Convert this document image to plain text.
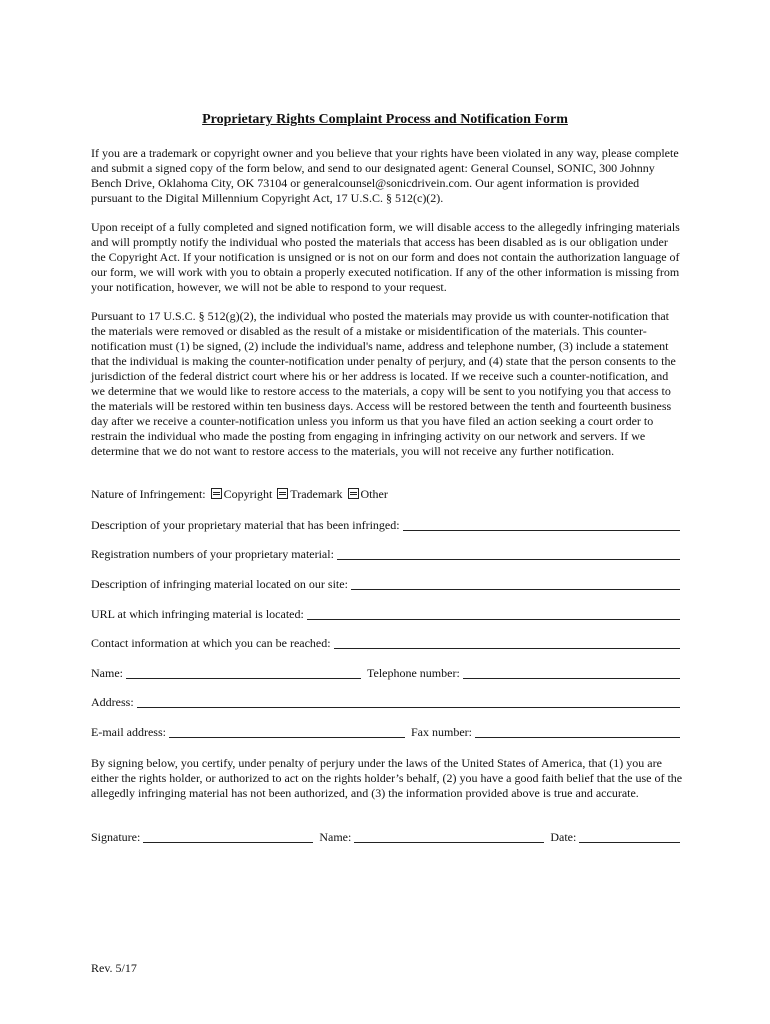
Proprietary Rights Complaint Process and Notification Form
If you are a trademark or copyright owner and you believe that your rights have been violated in any way, please complete and submit a signed copy of the form below, and send to our designated agent: General Counsel, SONIC, 300 Johnny Bench Drive, Oklahoma City, OK 73104 or generalcounsel@sonicdrivein.com. Our agent information is provided pursuant to the Digital Millennium Copyright Act, 17 U.S.C. § 512(c)(2).
Upon receipt of a fully completed and signed notification form, we will disable access to the allegedly infringing materials and will promptly notify the individual who posted the materials that access has been disabled as is our obligation under the Copyright Act. If your notification is unsigned or is not on our form and does not contain the authorization language of our form, we will work with you to obtain a properly executed notification. If any of the other information is missing from your notification, however, we will not be able to respond to your request.
Pursuant to 17 U.S.C. § 512(g)(2), the individual who posted the materials may provide us with counter-notification that the materials were removed or disabled as the result of a mistake or misidentification of the materials. This counter-notification must (1) be signed, (2) include the individual's name, address and telephone number, (3) include a statement that the individual is making the counter-notification under penalty of perjury, and (4) state that the person consents to the jurisdiction of the federal district court where his or her address is located. If we receive such a counter-notification, and we determine that we would like to restore access to the materials, a copy will be sent to you notifying you that access to the materials will be restored within ten business days. Access will be restored between the tenth and fourteenth business day after we receive a counter-notification unless you inform us that you have filed an action seeking a court order to restrain the individual who made the posting from engaging in infringing activity on our network and servers. If we determine that we do not want to restore access to the materials, you will not receive any further notification.
Nature of Infringement: Copyright Trademark Other
Description of your proprietary material that has been infringed:
Registration numbers of your proprietary material:
Description of infringing material located on our site:
URL at which infringing material is located:
Contact information at which you can be reached:
Name:	Telephone number:
Address:
E-mail address:	Fax number:
By signing below, you certify, under penalty of perjury under the laws of the United States of America, that (1) you are either the rights holder, or authorized to act on the rights holder’s behalf, (2) you have a good faith belief that the use of the allegedly infringing material has not been authorized, and (3) the information provided above is true and accurate.
Signature:	Name:	Date:
Rev. 5/17
